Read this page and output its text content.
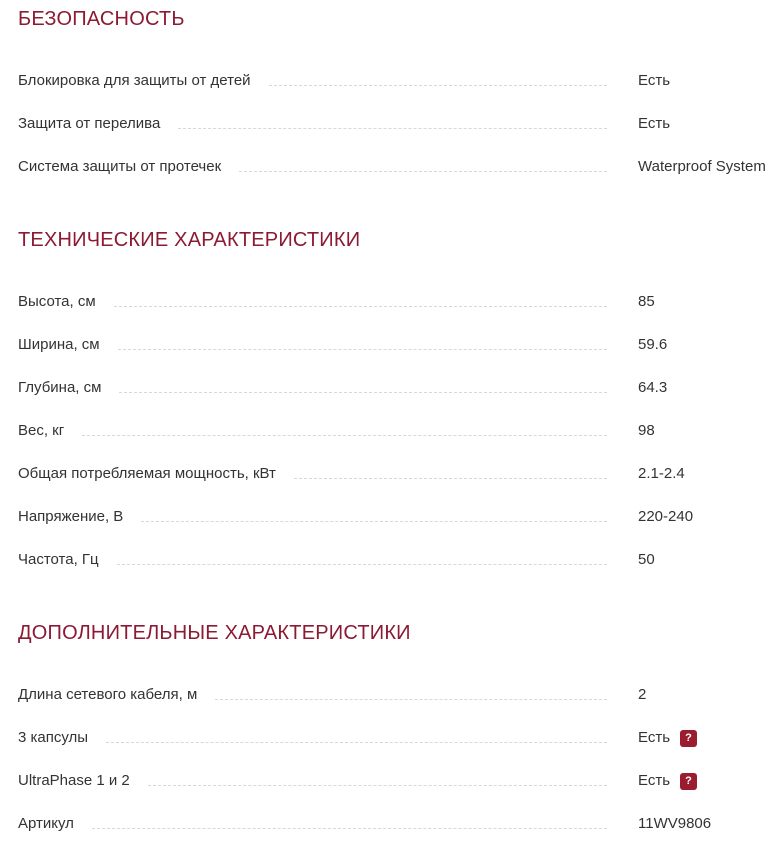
БЕЗОПАСНОСТЬ
Блокировка для защиты от детей	Есть
Защита от перелива	Есть
Система защиты от протечек	Waterproof System
ТЕХНИЧЕСКИЕ ХАРАКТЕРИСТИКИ
Высота, см	85
Ширина, см	59.6
Глубина, см	64.3
Вес, кг	98
Общая потребляемая мощность, кВт	2.1-2.4
Напряжение, В	220-240
Частота, Гц	50
ДОПОЛНИТЕЛЬНЫЕ ХАРАКТЕРИСТИКИ
Длина сетевого кабеля, м	2
3 капсулы	Есть	?
UltraPhase 1 и 2	Есть	?
Артикул	11WV9806
